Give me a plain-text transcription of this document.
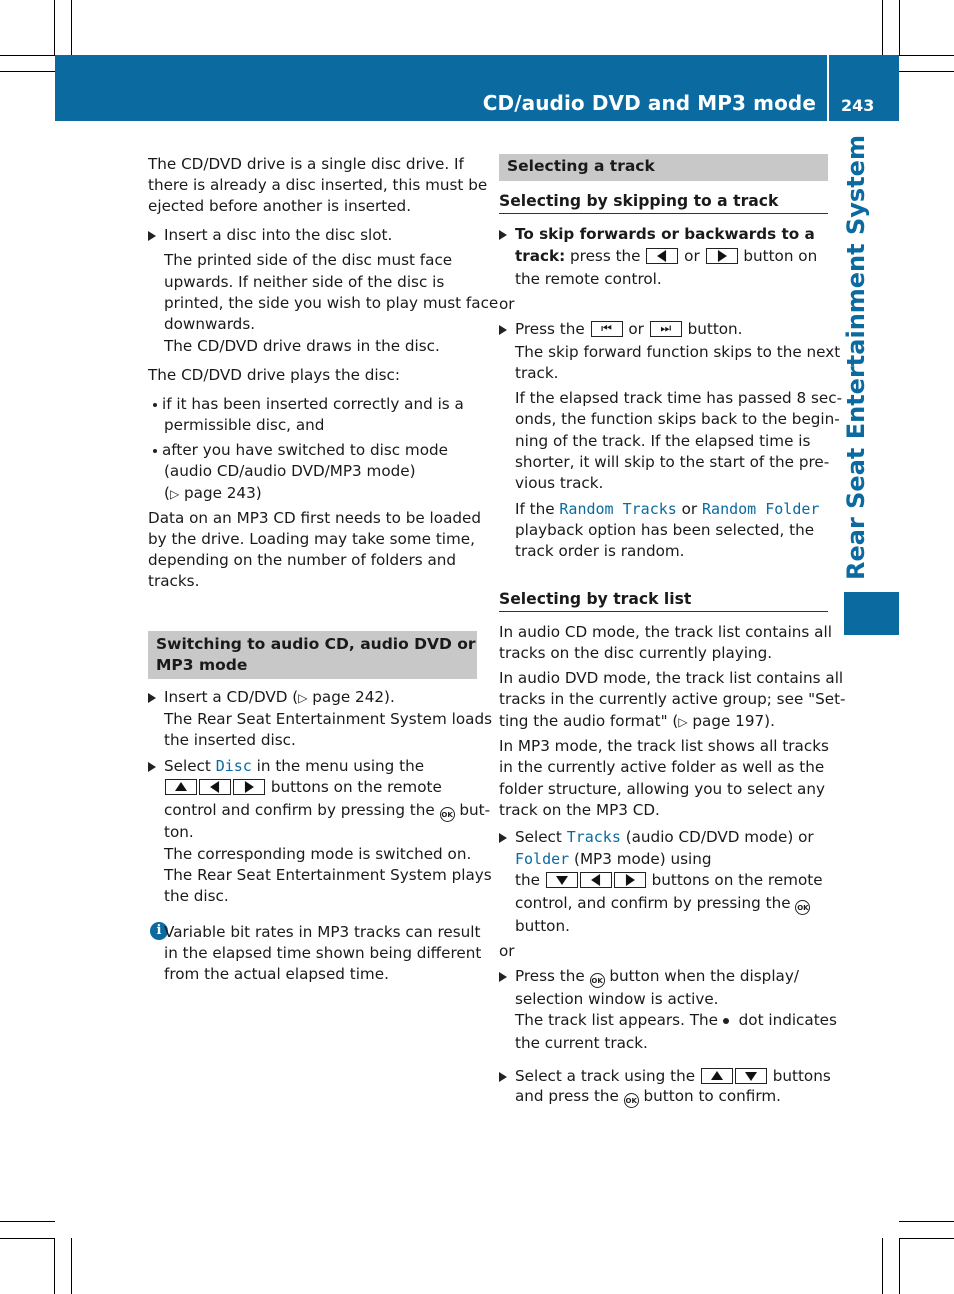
CD/audio DVD and MP3 mode 243
Rear Seat Entertainment System
The CD/DVD drive is a single disc drive. If
there is already a disc inserted, this must be
ejected before another is inserted.
Insert a disc into the disc slot.
The printed side of the disc must face
upwards. If neither side of the disc is
printed, the side you wish to play must face
downwards.
The CD/DVD drive draws in the disc.
The CD/DVD drive plays the disc:
if it has been inserted correctly and is a
permissible disc, and
after you have switched to disc mode
(audio CD/audio DVD/MP3 mode)
(▷ page 243)
Data on an MP3 CD first needs to be loaded
by the drive. Loading may take some time,
depending on the number of folders and
tracks.
Switching to audio CD, audio DVD or
MP3 mode
Insert a CD/DVD (▷ page 242).
The Rear Seat Entertainment System loads
the inserted disc.
Select Disc in the menu using the
buttons on the remote
control and confirm by pressing the OK but-
ton.
The corresponding mode is switched on.
The Rear Seat Entertainment System plays
the disc.
i Variable bit rates in MP3 tracks can result
in the elapsed time shown being different
from the actual elapsed time.
Selecting a track
Selecting by skipping to a track
To skip forwards or backwards to a
track: press the  or  button on
the remote control.
or
Press the ⏮ or ⏭ button.
The skip forward function skips to the next
track.
If the elapsed track time has passed 8 sec-
onds, the function skips back to the begin-
ning of the track. If the elapsed time is
shorter, it will skip to the start of the pre-
vious track.
If the Random Tracks or Random Folder
playback option has been selected, the
track order is random.
Selecting by track list
In audio CD mode, the track list contains all
tracks on the disc currently playing.
In audio DVD mode, the track list contains all
tracks in the currently active group; see "Set-
ting the audio format" (▷ page 197).
In MP3 mode, the track list shows all tracks
in the currently active folder as well as the
folder structure, allowing you to select any
track on the MP3 CD.
Select Tracks (audio CD/DVD mode) or
Folder (MP3 mode) using
the	buttons on the remote
control, and confirm by pressing the OK
button.
or
Press the OK button when the display/
selection window is active.
The track list appears. The  dot indicates
the current track.
Select a track using the	buttons
and press the OK button to confirm.
